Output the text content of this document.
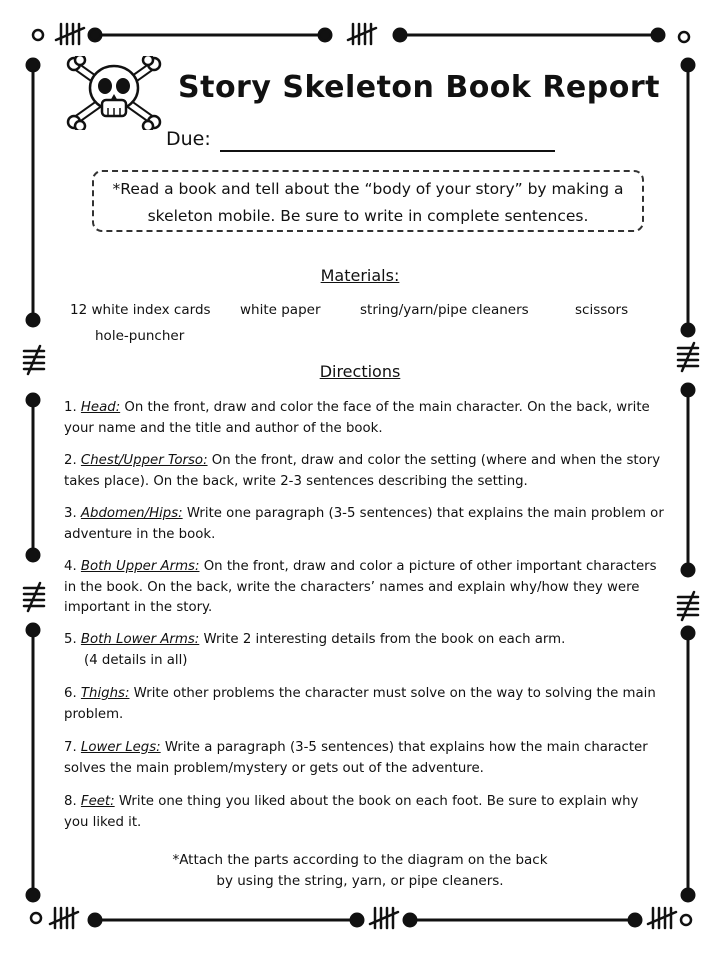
Story Skeleton Book Report
Due:
*Read a book and tell about the “body of your story” by making a
skeleton mobile. Be sure to write in complete sentences.
Materials:
12 white index cards white paper	string/yarn/pipe cleaners	scissors
hole-puncher
Directions
1. Head: On the front, draw and color the face of the main character. On the back, write your name and the title and author of the book.
2. Chest/Upper Torso: On the front, draw and color the setting (where and when the story takes place). On the back, write 2-3 sentences describing the setting.
3. Abdomen/Hips: Write one paragraph (3-5 sentences) that explains the main problem or adventure in the book.
4. Both Upper Arms: On the front, draw and color a picture of other important characters in the book. On the back, write the characters’ names and explain why/how they were important in the story.
5. Both Lower Arms: Write 2 interesting details from the book on each arm.
(4 details in all)
6. Thighs: Write other problems the character must solve on the way to solving the main problem.
7. Lower Legs: Write a paragraph (3-5 sentences) that explains how the main character solves the main problem/mystery or gets out of the adventure.
8. Feet: Write one thing you liked about the book on each foot. Be sure to explain why you liked it.
*Attach the parts according to the diagram on the back
by using the string, yarn, or pipe cleaners.
